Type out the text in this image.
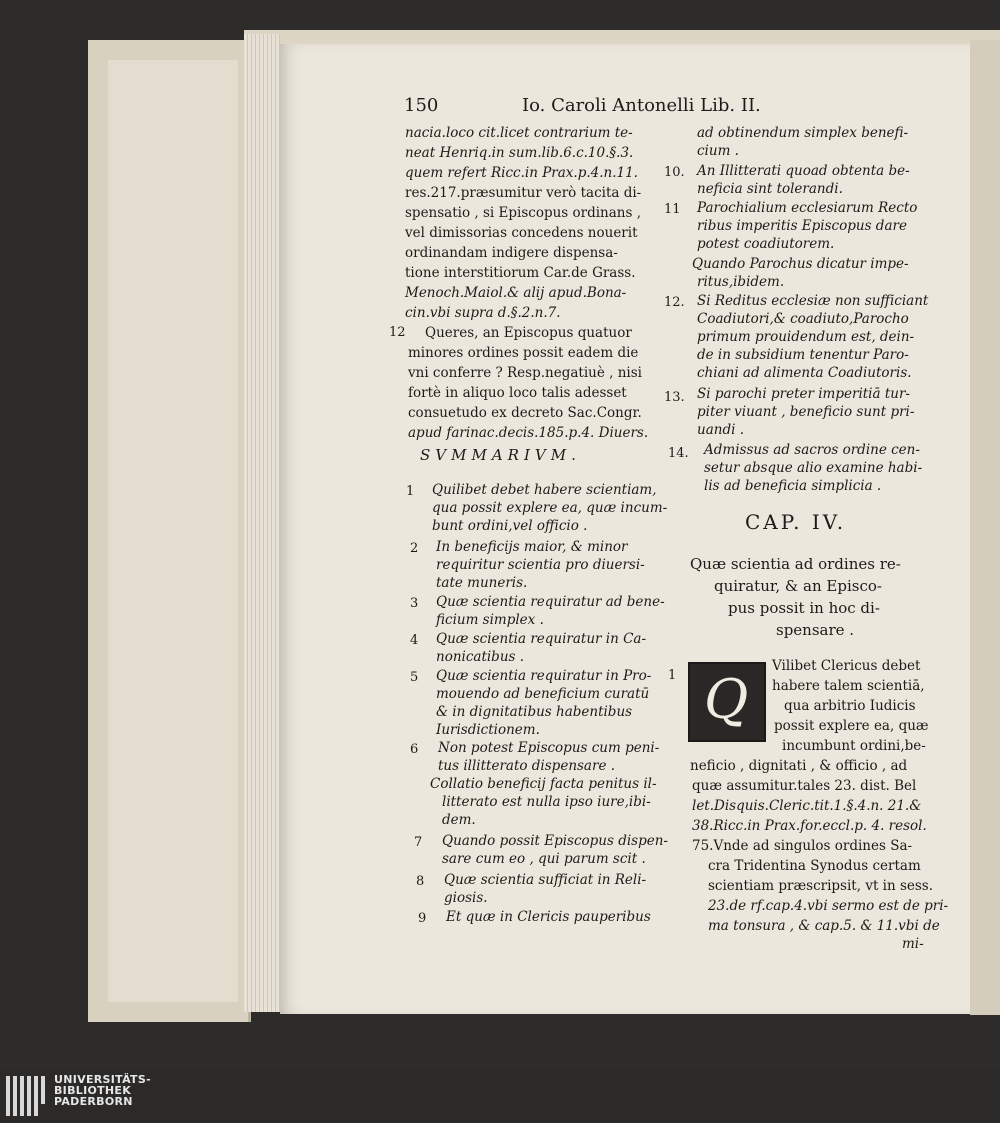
150	Io. Caroli Antonelli Lib. II.
nacia.loco cit.licet contrarium te-
neat Henriq.in sum.lib.6.c.10.§.3.
quem refert Ricc.in Prax.p.4.n.11.
res.217.præsumitur verò tacita di-
spensatio , si Episcopus ordinans ,
vel dimissorias concedens nouerit
ordinandam indigere dispensa-
tione interstitiorum Car.de Grass.
Menoch.Maiol.& alij apud.Bona-
cin.vbi supra d.§.2.n.7.
12 Queres, an Episcopus quatuor
minores ordines possit eadem die
vni conferre ? Resp.negatiuè , nisi
fortè in aliquo loco talis adesset
consuetudo ex decreto Sac.Congr.
apud farinac.decis.185.p.4. Diuers.
SVMMARIVM.
1 Quilibet debet habere scientiam,
qua possit explere ea, quæ incum-
bunt ordini,vel officio .
2 In beneficijs maior, & minor
requiritur scientia pro diuersi-
tate muneris.
3 Quæ scientia requiratur ad bene-
ficium simplex .
4 Quæ scientia requiratur in Ca-
nonicatibus .
5 Quæ scientia requiratur in Pro-
mouendo ad beneficium curatū
& in dignitatibus habentibus
Iurisdictionem.
6 Non potest Episcopus cum peni-
tus illitterato dispensare .
Collatio beneficij facta penitus il-
litterato est nulla ipso iure,ibi-
dem.
7 Quando possit Episcopus dispen-
sare cum eo , qui parum scit .
8 Quæ scientia sufficiat in Reli-
giosis.
9 Et quæ in Clericis pauperibus
ad obtinendum simplex benefi-
cium .
10. An Illitterati quoad obtenta be-
neficia sint tolerandi.
11 Parochialium ecclesiarum Recto
ribus imperitis Episcopus dare
potest coadiutorem.
Quando Parochus dicatur impe-
ritus,ibidem.
12. Si Reditus ecclesiæ non sufficiant
Coadiutori,& coadiuto,Parocho
primum prouidendum est, dein-
de in subsidium tenentur Paro-
chiani ad alimenta Coadiutoris.
13. Si parochi preter imperitiā tur-
piter viuant , beneficio sunt pri-
uandi .
14. Admissus ad sacros ordine cen-
setur absque alio examine habi-
lis ad beneficia simplicia .
CAP. IV.
Quæ scientia ad ordines re-
quiratur, & an Episco-
pus possit in hoc di-
spensare .
Q
1
Vilibet Clericus debet
habere talem scientiā,
qua arbitrio Iudicis
possit explere ea, quæ
incumbunt ordini,be-
neficio , dignitati , & officio , ad
quæ assumitur.tales 23. dist. Bel
let.Disquis.Cleric.tit.1.§.4.n. 21.&
38.Ricc.in Prax.for.eccl.p. 4. resol.
75.Vnde ad singulos ordines Sa-
cra Tridentina Synodus certam
scientiam præscripsit, vt in sess.
23.de rf.cap.4.vbi sermo est de pri-
ma tonsura , & cap.5. & 11.vbi de
mi-
UNIVERSITÄTS-
BIBLIOTHEK
PADERBORN
